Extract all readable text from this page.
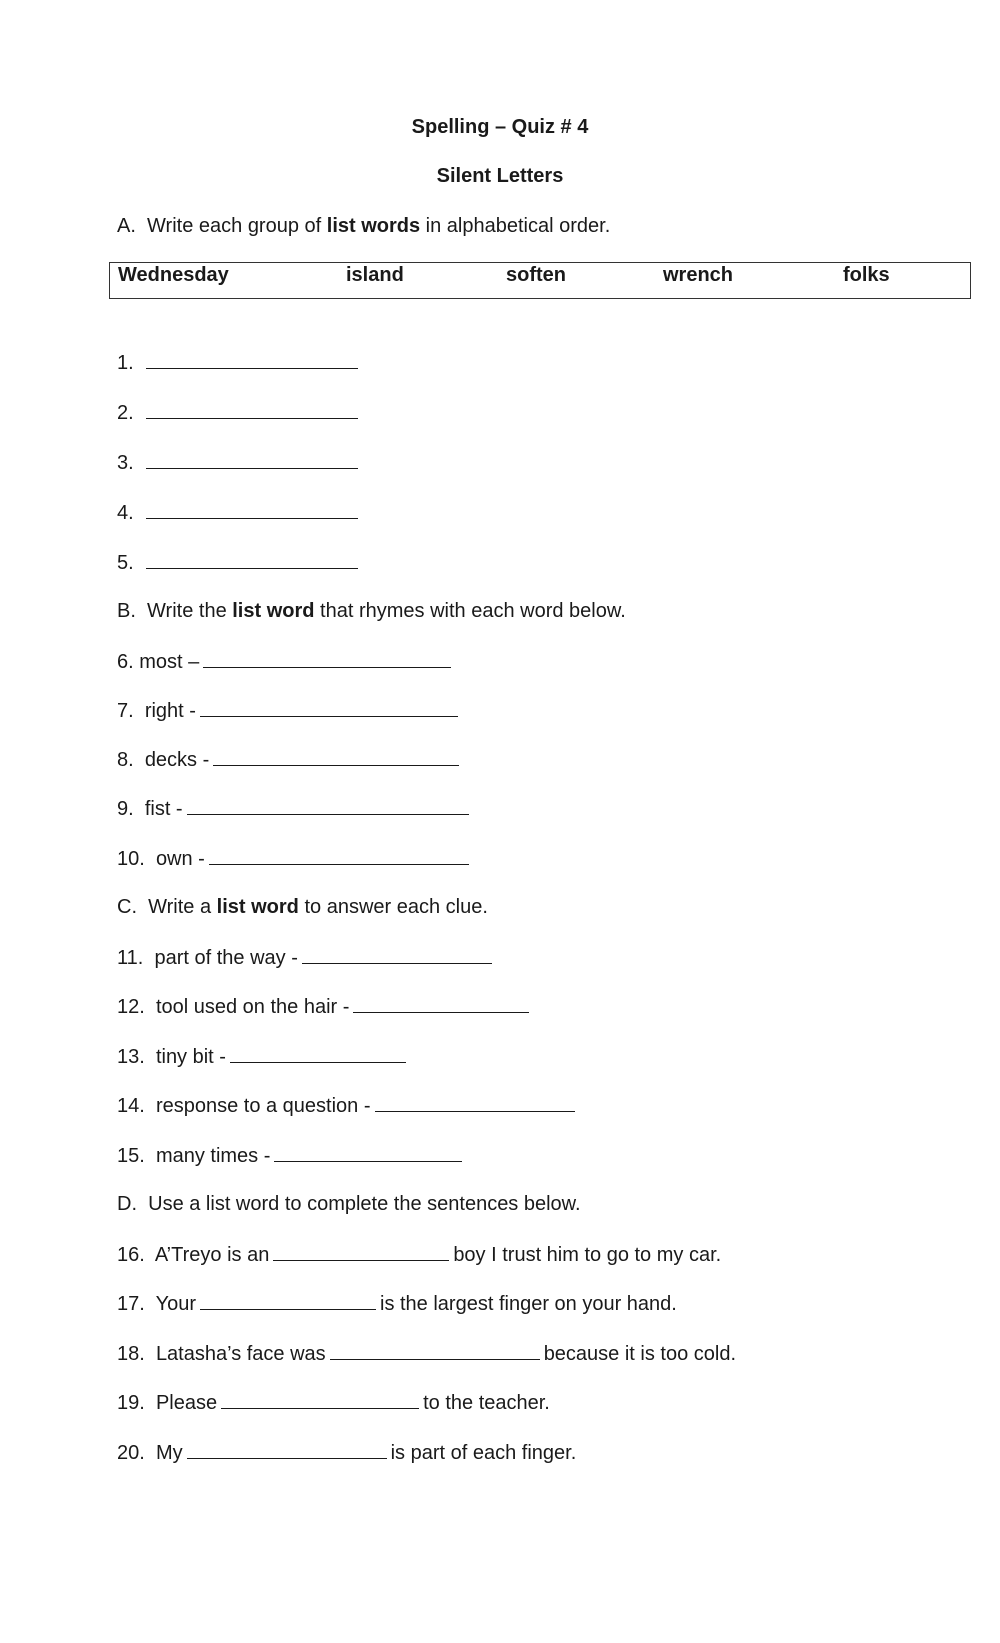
Spelling – Quiz # 4
Silent Letters
A. Write each group of list words in alphabetical order.
Wednesday	island	soften	wrench	folks
1.
2.
3.
4.
5.
B. Write the list word that rhymes with each word below.
6. most –
7. right -
8. decks -
9. fist -
10. own -
C. Write a list word to answer each clue.
11. part of the way -
12. tool used on the hair -
13. tiny bit -
14. response to a question -
15. many times -
D. Use a list word to complete the sentences below.
16. A’Treyo is an	boy I trust him to go to my car.
17. Your	is the largest finger on your hand.
18. Latasha’s face was	because it is too cold.
19. Please	to the teacher.
20. My	is part of each finger.
